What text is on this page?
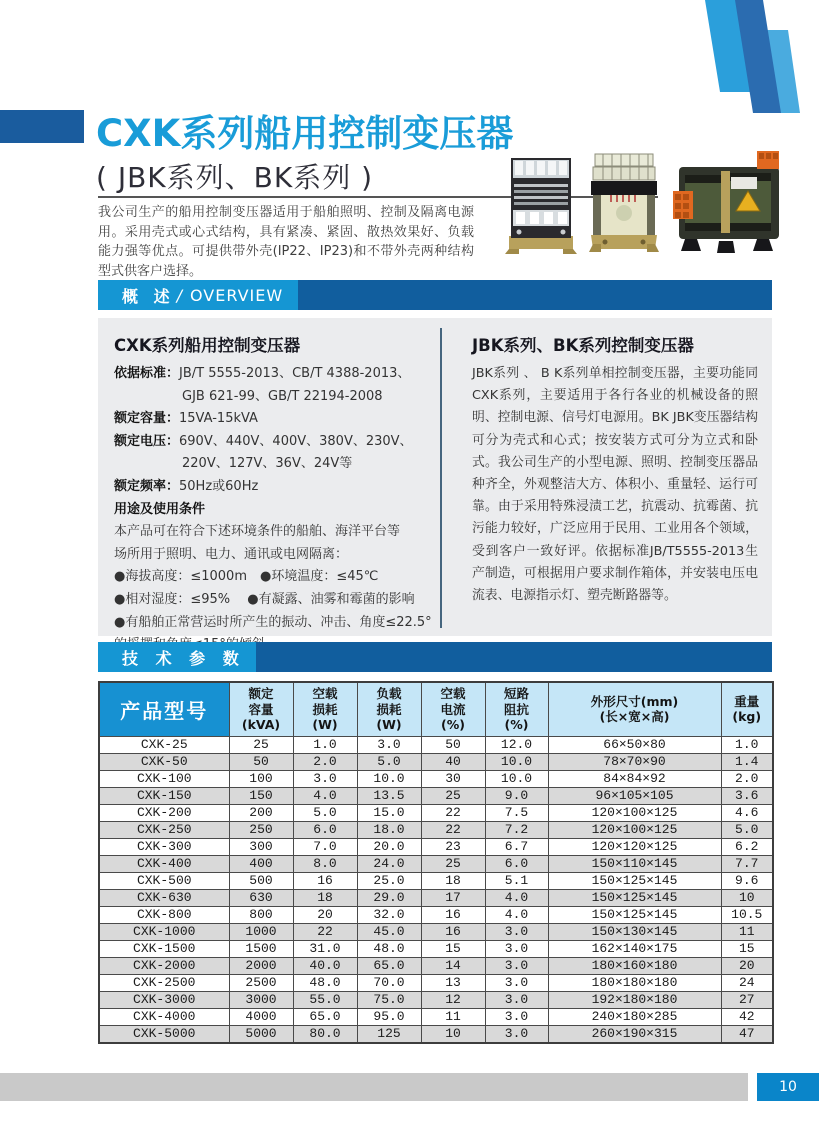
CXK系列船用控制变压器
( JBK系列、BK系列 )
我公司生产的船用控制变压器适用于船舶照明、控制及隔离电源用。采用壳式或心式结构，具有紧凑、紧固、散热效果好、负载能力强等优点。可提供带外壳(IP22、IP23)和不带外壳两种结构型式供客户选择。
概 述 / OVERVIEW
CXK系列船用控制变压器
依据标准：JB/T 5555-2013、CB/T 4388-2013、
GJB 621-99、GB/T 22194-2008
额定容量：15VA-15kVA
额定电压：690V、440V、400V、380V、230V、
220V、127V、36V、24V等
额定频率：50Hz或60Hz
用途及使用条件
本产品可在符合下述环境条件的船舶、海洋平台等
场所用于照明、电力、通讯或电网隔离：
●海拔高度：≤1000m　●环境温度：≤45℃
●相对湿度：≤95%　 ●有凝露、油雾和霉菌的影响
●有船舶正常营运时所产生的振动、冲击、角度≤22.5°
JBK系列、BK系列控制变压器
JBK系列 、 B K系列单相控制变压器，主要功能同CXK系列，主要适用于各行各业的机械设备的照明、控制电源、信号灯电源用。BK JBK变压器结构可分为壳式和心式；按安装方式可分为立式和卧式。我公司生产的小型电源、照明、控制变压器品种齐全，外观整洁大方、体积小、重量轻、运行可靠。由于采用特殊浸渍工艺，抗震动、抗霉菌、抗污能力较好，广泛应用于民用、工业用各个领域，受到客户一致好评。依据标准JB/T5555-2013生产制造，可根据用户要求制作箱体，并安装电压电流表、电源指示灯、塑壳断路器等。
技 术 参 数
产品型号	额定
容量
(kVA)	空载
损耗
(W)	负载
损耗
(W)	空载
电流
(%)	短路
阻抗
(%)	外形尺寸(mm)
(长×宽×高)	重量
(kg)
CXK-25	25	1.0	3.0	50	12.0	66×50×80	1.0
CXK-50	50	2.0	5.0	40	10.0	78×70×90	1.4
CXK-100	100	3.0	10.0	30	10.0	84×84×92	2.0
CXK-150	150	4.0	13.5	25	9.0	96×105×105	3.6
CXK-200	200	5.0	15.0	22	7.5	120×100×125	4.6
CXK-250	250	6.0	18.0	22	7.2	120×100×125	5.0
CXK-300	300	7.0	20.0	23	6.7	120×120×125	6.2
CXK-400	400	8.0	24.0	25	6.0	150×110×145	7.7
CXK-500	500	16	25.0	18	5.1	150×125×145	9.6
CXK-630	630	18	29.0	17	4.0	150×125×145	10
CXK-800	800	20	32.0	16	4.0	150×125×145	10.5
CXK-1000	1000	22	45.0	16	3.0	150×130×145	11
CXK-1500	1500	31.0	48.0	15	3.0	162×140×175	15
CXK-2000	2000	40.0	65.0	14	3.0	180×160×180	20
CXK-2500	2500	48.0	70.0	13	3.0	180×180×180	24
CXK-3000	3000	55.0	75.0	12	3.0	192×180×180	27
CXK-4000	4000	65.0	95.0	11	3.0	240×180×285	42
CXK-5000	5000	80.0	125	10	3.0	260×190×315	47
10
